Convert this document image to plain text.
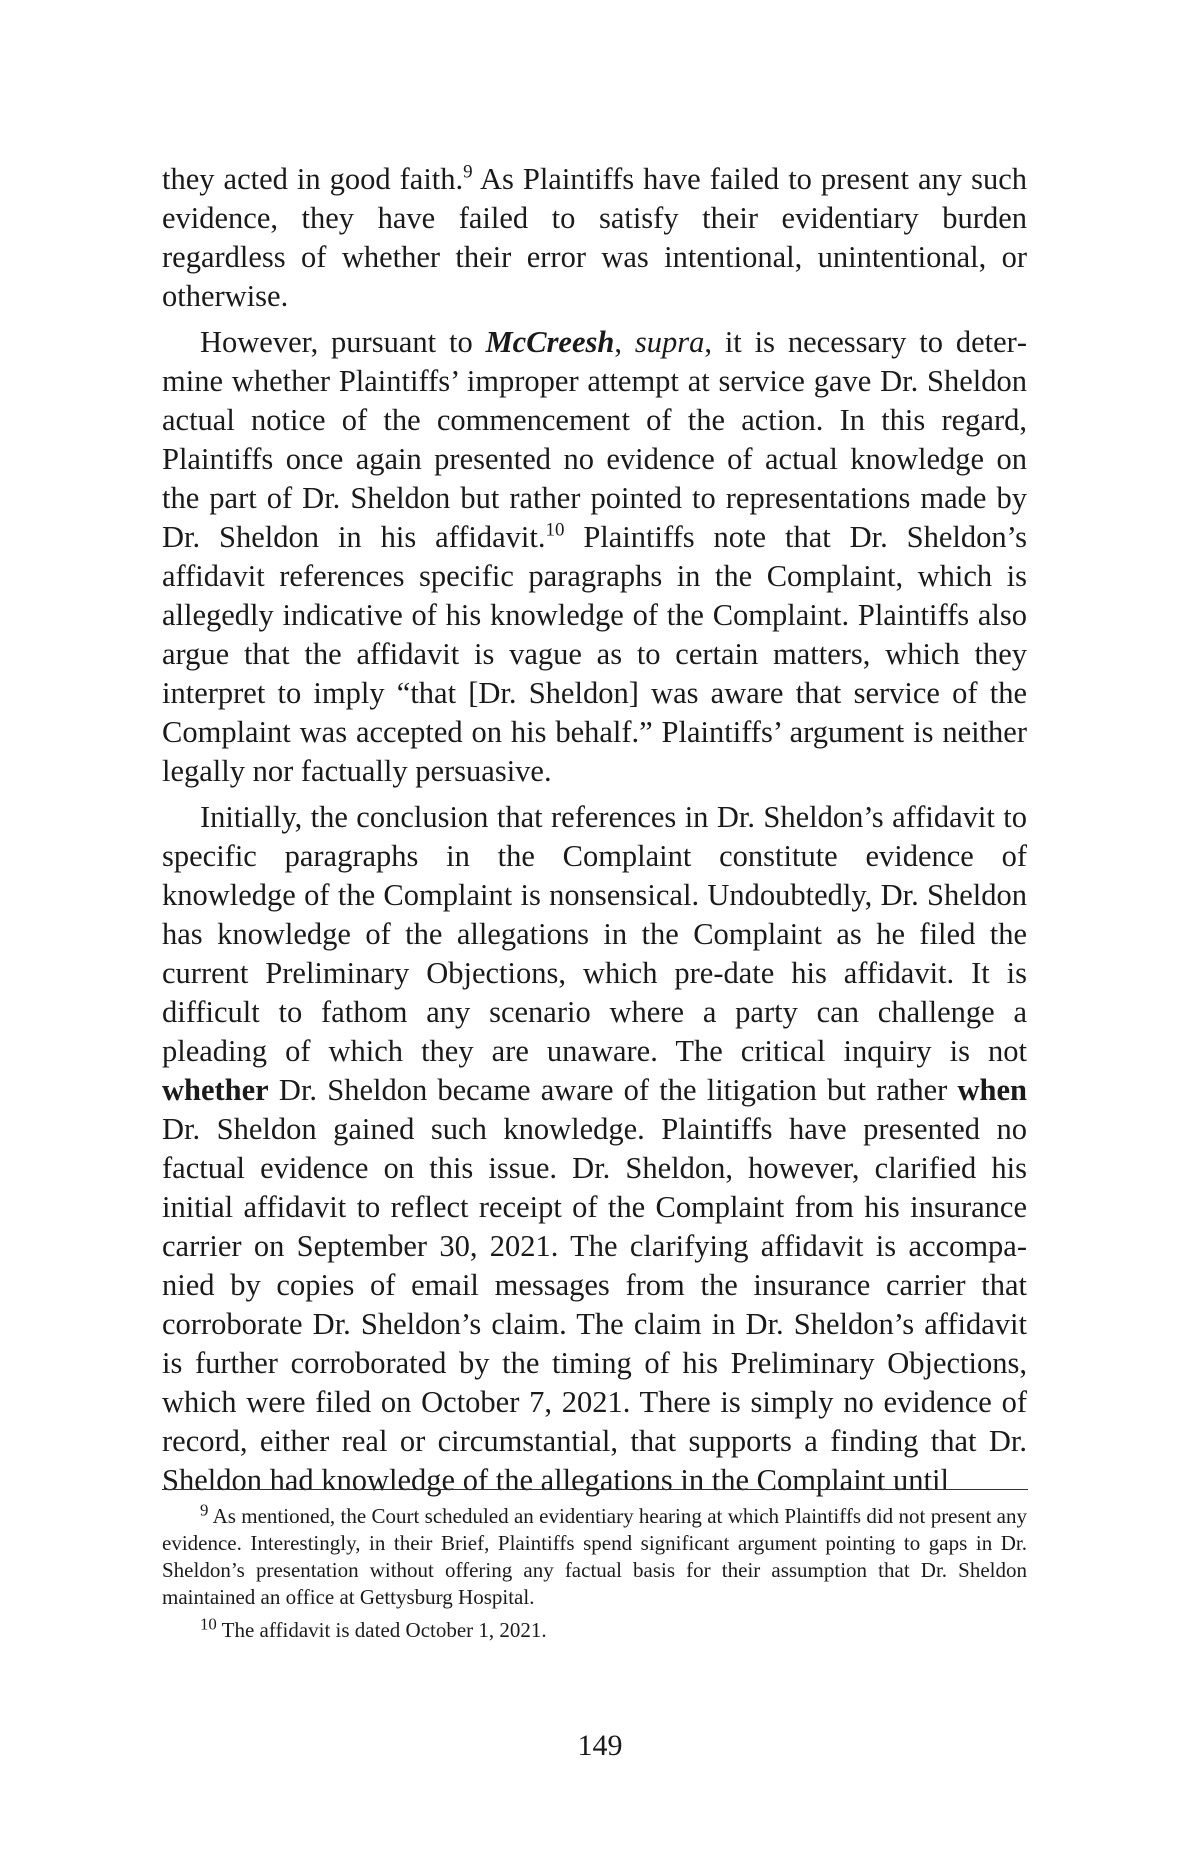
they acted in good faith.$^9$ As Plaintiffs have failed to present any such evidence, they have failed to satisfy their evidentiary burden regardless of whether their error was intentional, unintentional, or otherwise.

However, pursuant to McCreesh, supra, it is necessary to determine whether Plaintiffs’ improper attempt at service gave Dr. Sheldon actual notice of the commencement of the action. In this regard, Plaintiffs once again presented no evidence of actual knowledge on the part of Dr. Sheldon but rather pointed to representations made by Dr. Sheldon in his affidavit.$^{10}$ Plaintiffs note that Dr. Sheldon’s affidavit references specific paragraphs in the Complaint, which is allegedly indicative of his knowledge of the Complaint. Plaintiffs also argue that the affidavit is vague as to certain matters, which they interpret to imply “that [Dr. Sheldon] was aware that service of the Complaint was accepted on his behalf.” Plaintiffs’ argument is neither legally nor factually persuasive.

Initially, the conclusion that references in Dr. Sheldon’s affidavit to specific paragraphs in the Complaint constitute evidence of knowledge of the Complaint is nonsensical. Undoubtedly, Dr. Sheldon has knowledge of the allegations in the Complaint as he filed the current Preliminary Objections, which pre-date his affidavit. It is difficult to fathom any scenario where a party can challenge a pleading of which they are unaware. The critical inquiry is not whether Dr. Sheldon became aware of the litigation but rather when Dr. Sheldon gained such knowledge. Plaintiffs have presented no factual evidence on this issue. Dr. Sheldon, however, clarified his initial affidavit to reflect receipt of the Complaint from his insurance carrier on September 30, 2021. The clarifying affidavit is accompanied by copies of email messages from the insurance carrier that corroborate Dr. Sheldon’s claim. The claim in Dr. Sheldon’s affidavit is further corroborated by the timing of his Preliminary Objections, which were filed on October 7, 2021. There is simply no evidence of record, either real or circumstantial, that supports a finding that Dr. Sheldon had knowledge of the allegations in the Complaint until

$^9$ As mentioned, the Court scheduled an evidentiary hearing at which Plaintiffs did not present any evidence. Interestingly, in their Brief, Plaintiffs spend significant argument pointing to gaps in Dr. Sheldon’s presentation without offering any factual basis for their assumption that Dr. Sheldon maintained an office at Gettysburg Hospital.

$^{10}$ The affidavit is dated October 1, 2021.

149
